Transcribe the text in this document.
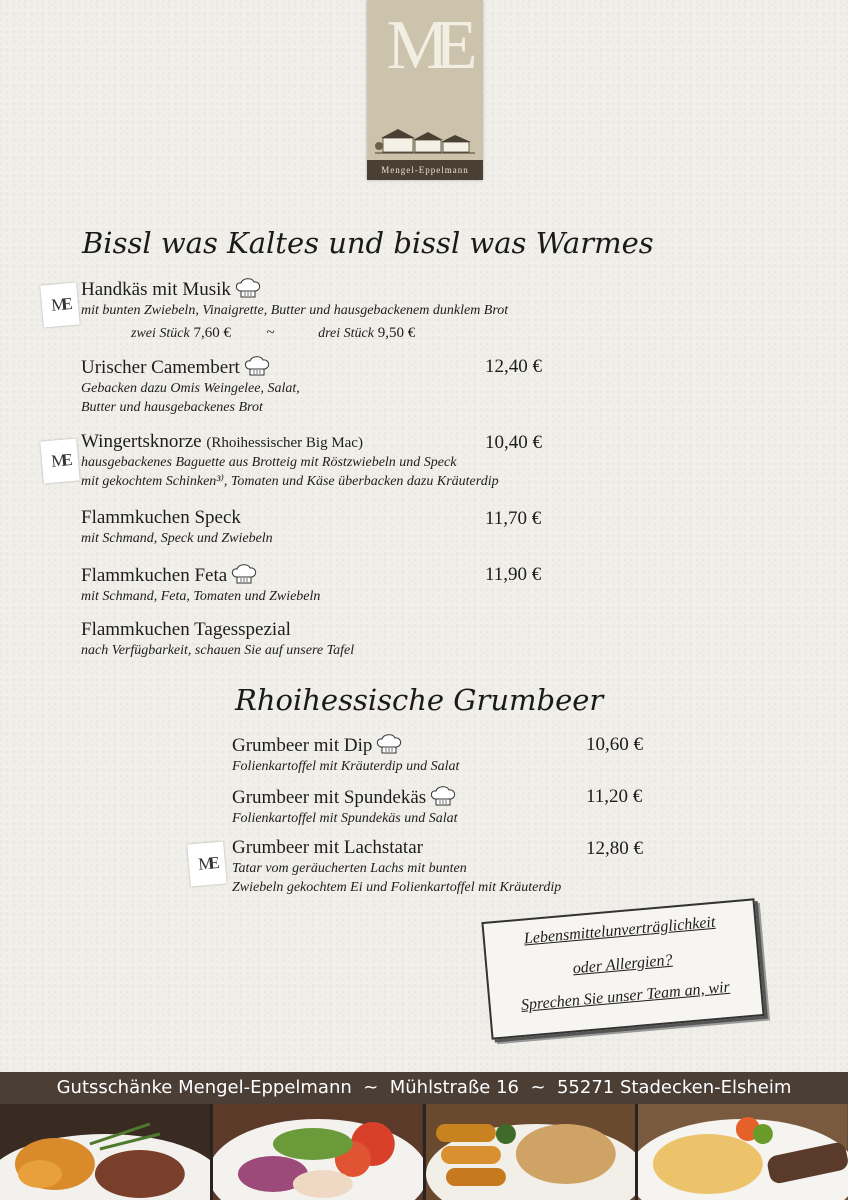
ME
Mengel-Eppelmann
Bissl was Kaltes und bissl was Warmes
ME
ME
ME
Handkäs mit Musik
mit bunten Zwiebeln, Vinaigrette, Butter und hausgebackenem dunklem Brot
zwei Stück 7,60 € ~	drei Stück 9,50 €
Urischer Camembert
Gebacken dazu Omis Weingelee, Salat,
Butter und hausgebackenes Brot
12,40 €
Wingertsknorze (Rhoihessischer Big Mac)
hausgebackenes Baguette aus Brotteig mit Röstzwiebeln und Speck
mit gekochtem Schinken³⁾, Tomaten und Käse überbacken dazu Kräuterdip
10,40 €
Flammkuchen Speck
mit Schmand, Speck und Zwiebeln
11,70 €
Flammkuchen Feta
mit Schmand, Feta, Tomaten und Zwiebeln
11,90 €
Flammkuchen Tagesspezial
nach Verfügbarkeit, schauen Sie auf unsere Tafel
Rhoihessische Grumbeer
Grumbeer mit Dip
Folienkartoffel mit Kräuterdip und Salat
10,60 €
Grumbeer mit Spundekäs
Folienkartoffel mit Spundekäs und Salat
11,20 €
Grumbeer mit Lachstatar
Tatar vom geräucherten Lachs mit bunten
Zwiebeln gekochtem Ei und Folienkartoffel mit Kräuterdip
12,80 €
Lebensmittelunverträglichkeit
oder Allergien?
Sprechen Sie unser Team an, wir
Gutsschänke Mengel-Eppelmann  ~  Mühlstraße 16  ~  55271 Stadecken-Elsheim
